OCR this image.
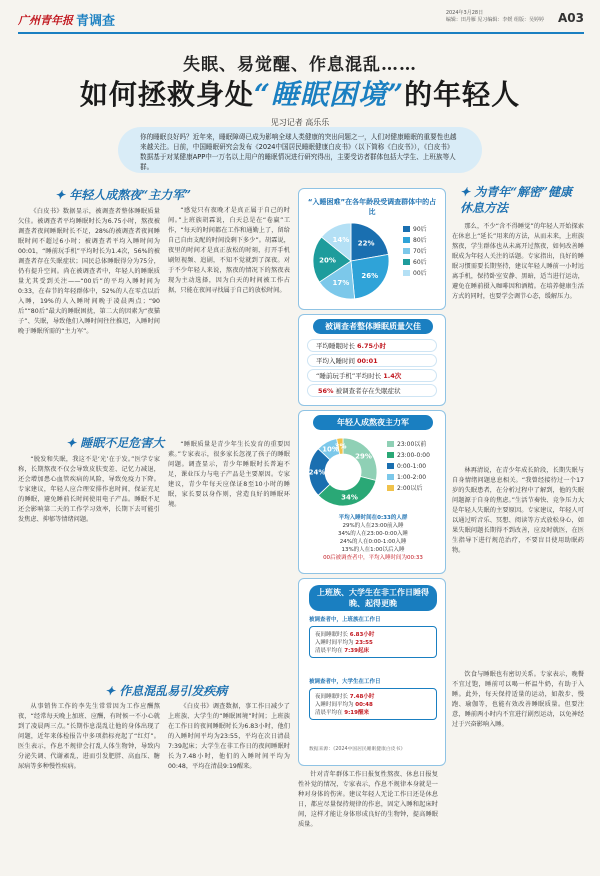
广州青年报 青调查
2024年3月28日
编辑：田丹雁 见习编辑：李媛 组版：吴婷婷 A03
失眠、易觉醒、作息混乱……
如何拯救身处“睡眠困境”的年轻人
见习记者 高乐乐
你的睡眠良好吗？近年来，睡眠障碍已成为影响全球人类健康的突出问题之一，人们对健康睡眠的重要性也越来越关注。日前，中国睡眠研究会发布《2024中国居民睡眠健康白皮书》（以下简称《白皮书》），《白皮书》数据基于对某健康APP中一万名以上用户的睡眠情况进行研究得出，主要受访者群体包括大学生、上班族等人群。
✦ 年轻人成熬夜“主力军”

《白皮书》数据显示，被调查者整体睡眠质量欠佳。被调查者平均睡眠时长为6.75小时，熬夜被调查者夜间睡眠时长不足，28%的被调查者夜间睡眠时间不超过6小时；被调查者平均入睡时间为00:01，“睡前玩手机”平均时长为1.4次，56%的被调查者存在失眠症状；国民总体睡眠得分为75分，仍有提升空间。尚在被调查者中，年轻人的睡眠质量尤其受到关注——“00后”的平均入睡时间为0:33，在春节的年轻群体中，52%的人在零点以后入睡，19%的人入睡时间晚于凌晨两点；“90后”“80后”最大的睡眠困扰，第二大的因素为“夜猫子”、失眠，导致他们入睡时间往往推迟，入睡时间晚于睡眠所需的“主力军”。

“感觉只有夜晚才是真正属于自己的时间。”上班族胡霖说，白天总是在“卷赢”工作，“每天的时间都在工作和通勤上了，留给自己自由支配的时间没剩下多少”。胡霖说，夜里的时间才是真正放松的时刻，打开手机刷短视频、追剧，不知不觉就到了深夜。对于不少年轻人来说，熬夜的情况下的熬夜表现为主动选择，因为白天的时间被工作占据，只能在夜间寻找属于自己的放松时间。

✦ 睡眠不足危害大

“脱发和失眠，我这不是‘光’在于发。”医学专家称，长期熬夜不仅会导致皮肤变差、记忆力减退，还会增加患心血管疾病的风险，导致免疫力下降。专家建议，年轻人应合理安排作息时间，保证充足的睡眠，避免睡前长时间使用电子产品。睡眠不足还会影响第二天的工作学习效率，长期下去可能引发焦虑、抑郁等情绪问题。

“睡眠质量是青少年生长发育的重要因素。”专家表示，很多家长忽视了孩子的睡眠问题。调查显示，青少年睡眠时长普遍不足，课业压力与电子产品是主要原因。专家建议，青少年每天应保证8至10小时的睡眠，家长要以身作则，营造良好的睡眠环境。

✦ 作息混乱易引发疾病

从事销售工作的李先生常常因为工作应酬熬夜，“经常每天晚上加班、应酬，有时候一不小心就到了凌晨两三点。”长期作息混乱让他的身体出现了问题，近年来体检报告中多项指标亮起了“红灯”。医生表示，作息不规律会打乱人体生物钟，导致内分泌失调、代谢紊乱，进而引发肥胖、高血压、糖尿病等多种慢性疾病。

《白皮书》调查数据，事工作日减少了上班族、大学生的“睡眠困境”时间；上班族在工作日的夜间睡眠时长为6.83小时，他们的入睡时间平均为23:55，平均在次日清晨7:39起床；大学生在非工作日的夜间睡眠时长为7.48小时，他们的入睡时间平均为00:48，平均在清晨9:19醒来。

针对青年群体工作日报复性熬夜、休息日报复性补觉的情况，专家表示，作息不规律本身就是一种对身体的伤害。建议年轻人无论工作日还是休息日，都应尽量保持规律的作息，固定入睡和起床时间，这样才能让身体形成良好的生物钟，提高睡眠质量。

✦ 为青年“解密”健康休息方法

那么，不少“含不得睡觉”的年轻人开始探索在休息上“延长”用来的方法，从而未来，上班族熬夜，学生群体也从未离开过熬夜，如何改善睡眠成为年轻人关注的话题。专家指出，良好的睡眠习惯需要长期坚持，建议年轻人睡前一小时远离手机，保持卧室安静、黑暗，适当进行运动，避免在睡前摄入咖啡因和酒精。在培养健康生活方式的同时，也要学会调节心态，缓解压力。

林再清说，在青少年成长阶段，长期失眠与自身情绪问题息息相关。“我曾经接待过一个17岁的失眠患者，在分析过程中了解到，他的失眠问题源于自身的焦虑。”生活节奏快、竞争压力大是年轻人失眠的主要原因。专家建议，年轻人可以通过听音乐、冥想、阅读等方式放松身心，如果失眠问题长期得不到改善，应及时就医，在医生指导下进行规范治疗，不要盲目使用助眠药物。

饮食与睡眠也有密切关系。专家表示，晚餐不宜过饱，睡前可以喝一杯温牛奶，有助于入睡。此外，每天保持适量的运动，如散步、慢跑、瑜伽等，也能有效改善睡眠质量。但要注意，睡前两小时内不宜进行剧烈运动，以免神经过于兴奋影响入睡。

“入睡困难”在各年龄段受调查群体中的占比
22%
26%
17%
20%
14%
90后
80后
70后
60后
00后
被调查者整体睡眠质量欠佳
平均睡眠时长 6.75小时
平均入睡时间 00:01
“睡前玩手机”平均时长 1.4次
56% 被调查者存在失眠症状
年轻人成熬夜主力军
29%
34%
24%
10%
3%	23:00以前
23:00-0:00
0:00-1:00
1:00-2:00
2:00以后
平均入睡时间在0:33的人群
29%的人在23:00前入睡
34%的人在23:00-0:00入睡
24%的人在0:00-1:00入睡
13%的人在1:00以后入睡
00后被调查者中，平均入睡时间为00:33
上班族、大学生在非工作日睡得晚、起得更晚
被调查者中，上班族在工作日
夜间睡眠时长 6.83小时
入睡时间平均为 23:55
清晨平均在 7:39起床
被调查者中，大学生在工作日
夜间睡眠时长 7.48小时
入睡时间平均为 00:48
清晨平均在 9:19醒来
数据来源：《2024中国居民睡眠健康白皮书》
